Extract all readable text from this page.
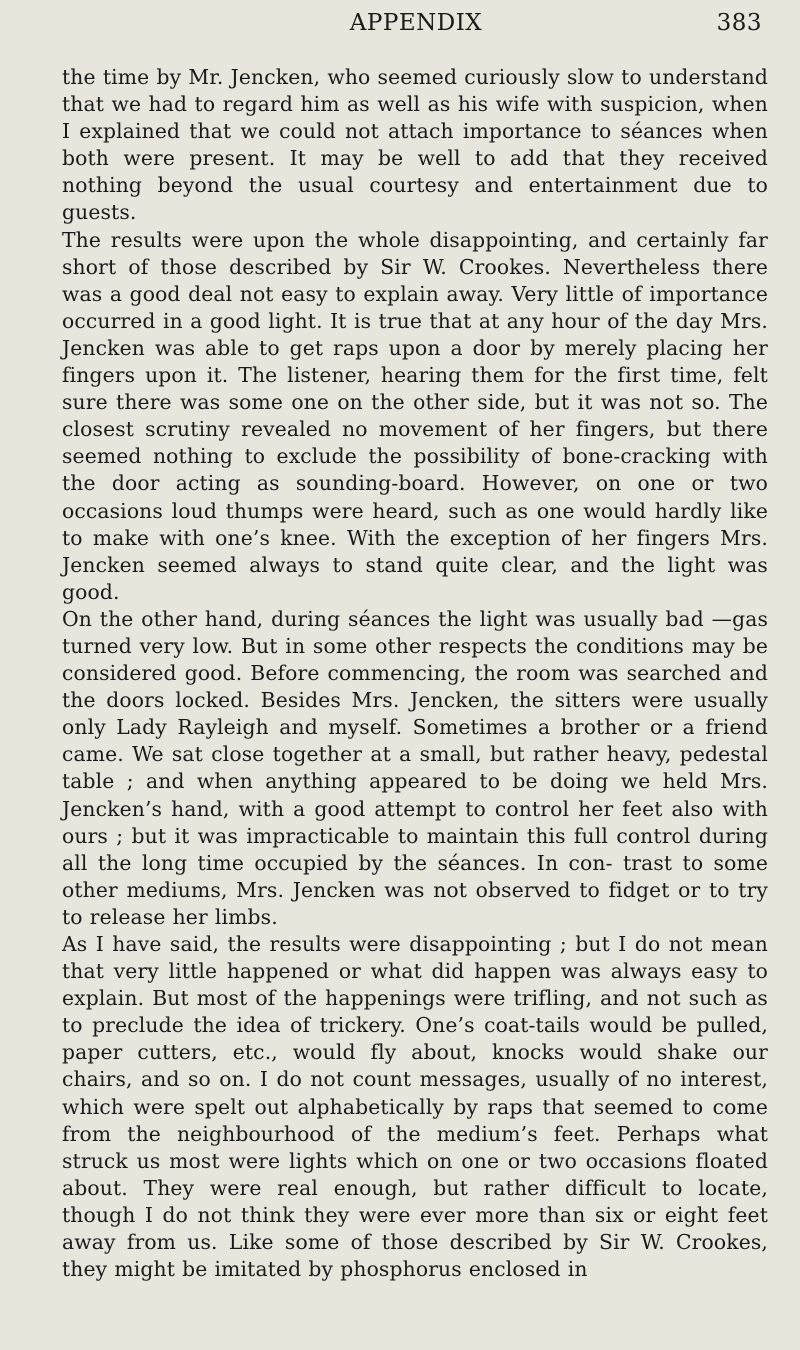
APPENDIX	383

the time by Mr. Jencken, who seemed curiously slow to understand that we had to regard him as well as his wife with suspicion, when I explained that we could not attach importance to séances when both were present. It may be well to add that they received nothing beyond the usual courtesy and entertainment due to guests.

The results were upon the whole disappointing, and certainly far short of those described by Sir W. Crookes. Nevertheless there was a good deal not easy to explain away. Very little of importance occurred in a good light. It is true that at any hour of the day Mrs. Jencken was able to get raps upon a door by merely placing her fingers upon it. The listener, hearing them for the first time, felt sure there was some one on the other side, but it was not so. The closest scrutiny revealed no movement of her fingers, but there seemed nothing to exclude the possibility of bone-cracking with the door acting as sounding-board. However, on one or two occasions loud thumps were heard, such as one would hardly like to make with one’s knee. With the exception of her fingers Mrs. Jencken seemed always to stand quite clear, and the light was good.

On the other hand, during séances the light was usually bad —gas turned very low. But in some other respects the conditions may be considered good. Before commencing, the room was searched and the doors locked. Besides Mrs. Jencken, the sitters were usually only Lady Rayleigh and myself. Sometimes a brother or a friend came. We sat close together at a small, but rather heavy, pedestal table ; and when anything appeared to be doing we held Mrs. Jencken’s hand, with a good attempt to control her feet also with ours ; but it was impracticable to maintain this full control during all the long time occupied by the séances. In con- trast to some other mediums, Mrs. Jencken was not observed to fidget or to try to release her limbs.

As I have said, the results were disappointing ; but I do not mean that very little happened or what did happen was always easy to explain. But most of the happenings were trifling, and not such as to preclude the idea of trickery. One’s coat-tails would be pulled, paper cutters, etc., would fly about, knocks would shake our chairs, and so on. I do not count messages, usually of no interest, which were spelt out alphabetically by raps that seemed to come from the neighbourhood of the medium’s feet. Perhaps what struck us most were lights which on one or two occasions floated about. They were real enough, but rather difficult to locate, though I do not think they were ever more than six or eight feet away from us. Like some of those described by Sir W. Crookes, they might be imitated by phosphorus enclosed in
